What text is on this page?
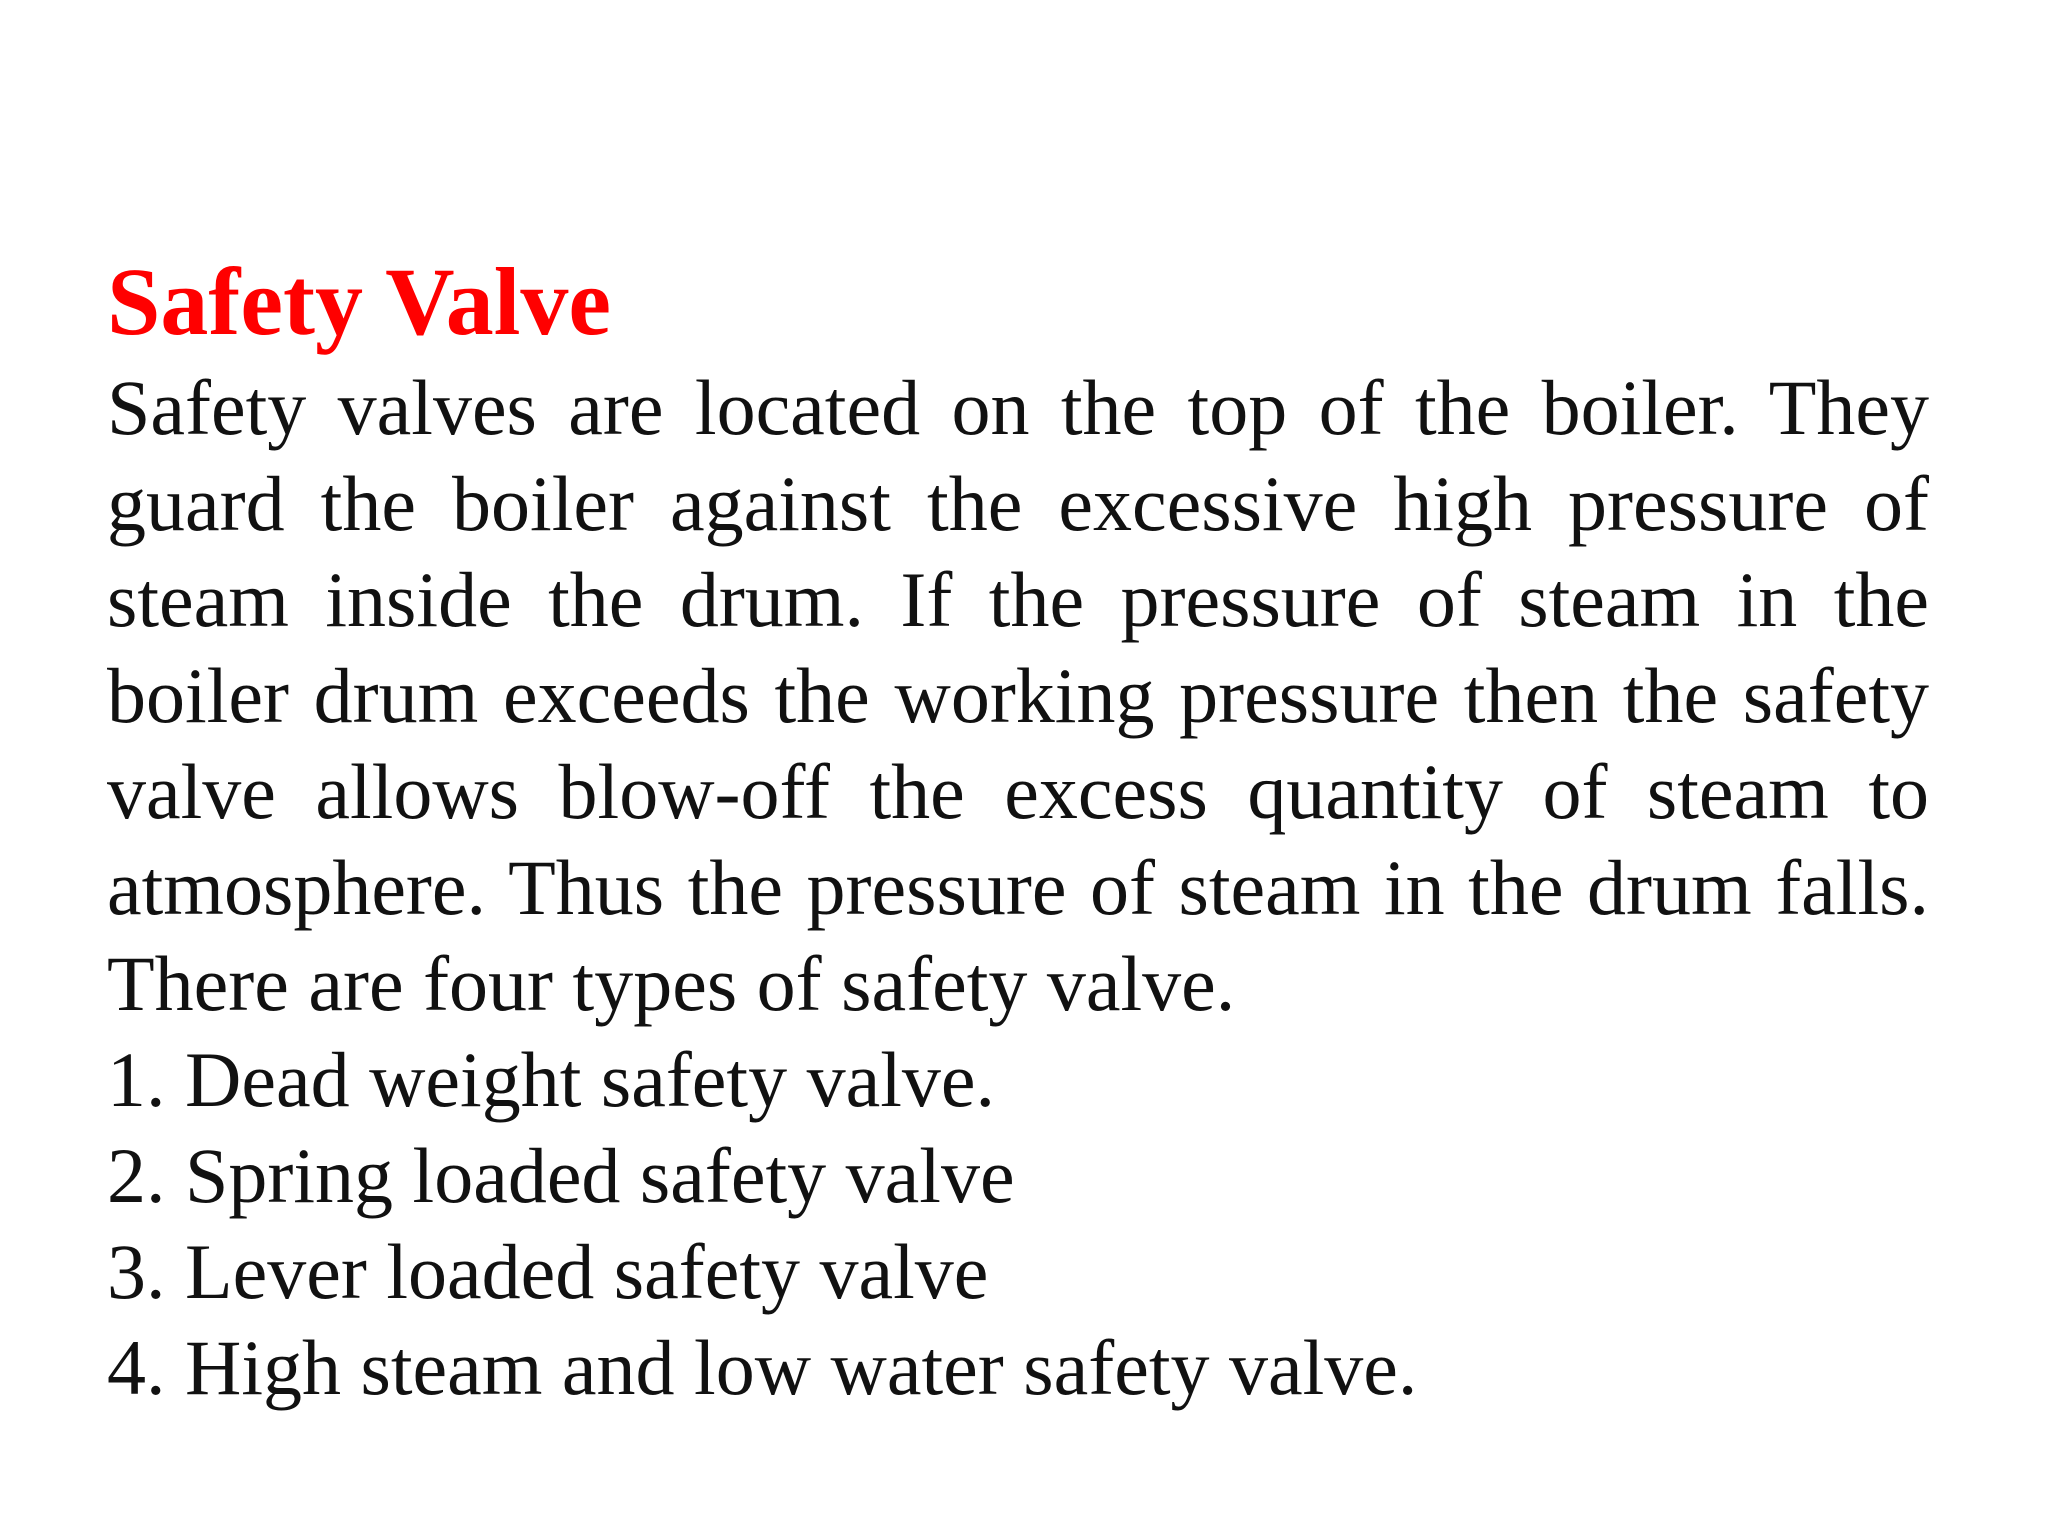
Safety Valve

Safety valves are located on the top of the boiler. They guard the boiler against the excessive high pressure of steam inside the drum. If the pressure of steam in the boiler drum exceeds the working pressure then the safety valve allows blow-off the excess quantity of steam to atmosphere. Thus the pressure of steam in the drum falls. There are four types of safety valve.

1. Dead weight safety valve.
2. Spring loaded safety valve
3. Lever loaded safety valve
4. High steam and low water safety valve.
